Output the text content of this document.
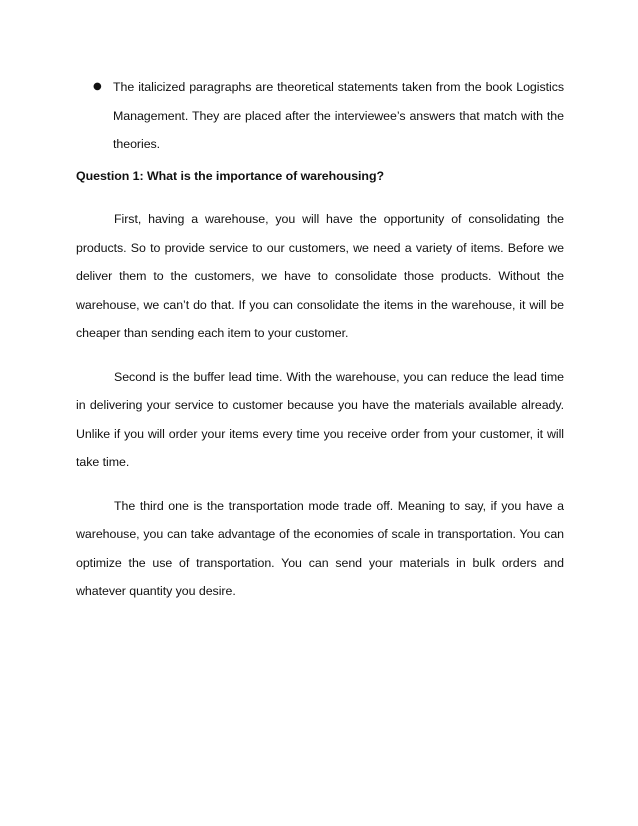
● The italicized paragraphs are theoretical statements taken from the book Logistics Management. They are placed after the interviewee’s answers that match with the theories.
Question 1: What is the importance of warehousing?

First, having a warehouse, you will have the opportunity of consolidating the products. So to provide service to our customers, we need a variety of items. Before we deliver them to the customers, we have to consolidate those products. Without the warehouse, we can’t do that. If you can consolidate the items in the warehouse, it will be cheaper than sending each item to your customer.

Second is the buffer lead time. With the warehouse, you can reduce the lead time in delivering your service to customer because you have the materials available already. Unlike if you will order your items every time you receive order from your customer, it will take time.

The third one is the transportation mode trade off. Meaning to say, if you have a warehouse, you can take advantage of the economies of scale in transportation. You can optimize the use of transportation. You can send your materials in bulk orders and whatever quantity you desire.
